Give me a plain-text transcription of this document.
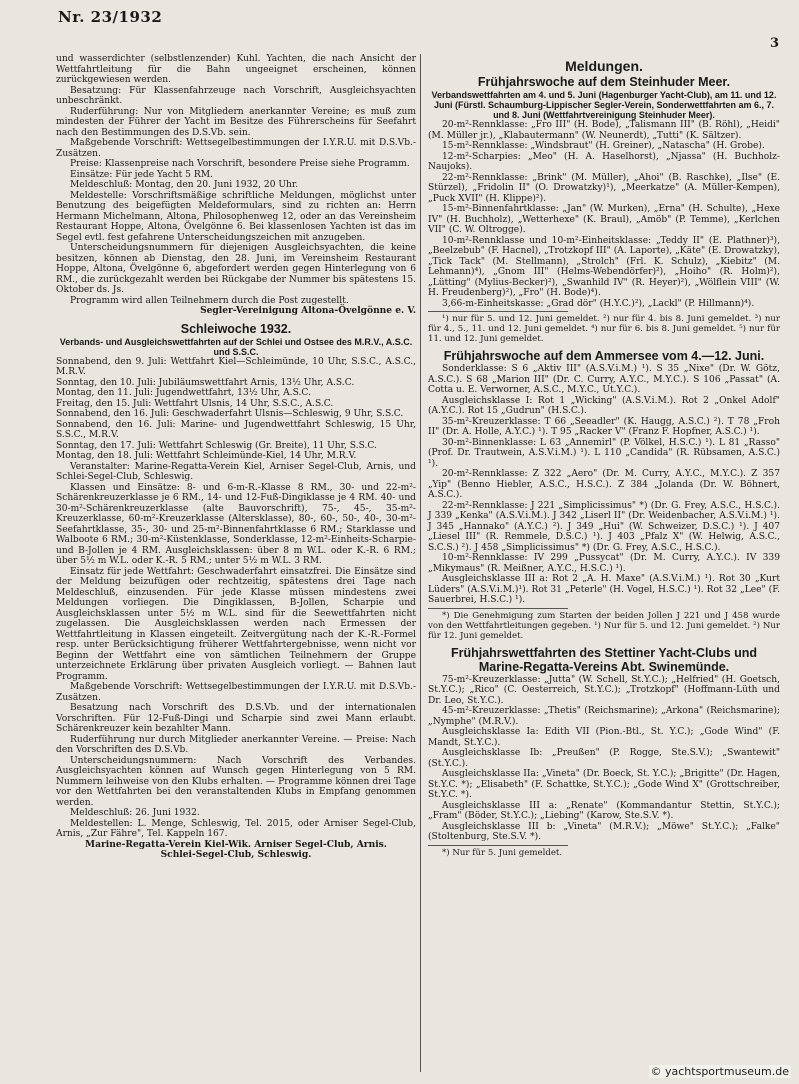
Nr. 23/1932
3

und wasserdichter (selbstlenzender) Kuhl. Yachten, die nach Ansicht der Wettfahrtleitung für die Bahn ungeeignet erscheinen, können zurückgewiesen werden.

Besatzung: Für Klassenfahrzeuge nach Vorschrift, Ausgleichsyachten unbeschränkt.

Ruderführung: Nur von Mitgliedern anerkannter Vereine; es muß zum mindesten der Führer der Yacht im Besitze des Führerscheins für Seefahrt nach den Bestimmungen des D.S.Vb. sein.

Maßgebende Vorschrift: Wettsegelbestimmungen der I.Y.R.U. mit D.S.Vb.-Zusätzen.

Preise: Klassenpreise nach Vorschrift, besondere Preise siehe Programm.

Einsätze: Für jede Yacht 5 RM.

Meldeschluß: Montag, den 20. Juni 1932, 20 Uhr.

Meldestelle: Vorschriftsmäßige schriftliche Meldungen, möglichst unter Benutzung des beigefügten Meldeformulars, sind zu richten an: Herrn Hermann Michelmann, Altona, Philosophenweg 12, oder an das Vereinsheim Restaurant Hoppe, Altona, Övelgönne 6. Bei klassenlosen Yachten ist das im Segel evtl. fest gefahrene Unterscheidungszeichen mit anzugeben.

Unterscheidungsnummern für diejenigen Ausgleichsyachten, die keine besitzen, können ab Dienstag, den 28. Juni, im Vereinsheim Restaurant Hoppe, Altona, Övelgönne 6, abgefordert werden gegen Hinterlegung von 6 RM., die zurückgezahlt werden bei Rückgabe der Nummer bis spätestens 15. Oktober ds. Js.

Programm wird allen Teilnehmern durch die Post zugestellt.

Segler-Vereinigung Altona-Övelgönne e. V.

Schleiwoche 1932.
Verbands- und Ausgleichswettfahrten auf der Schlei und Ostsee des M.R.V., A.S.C. und S.S.C.

Sonnabend, den 9. Juli: Wettfahrt Kiel—Schleimünde, 10 Uhr, S.S.C., A.S.C., M.R.V.

Sonntag, den 10. Juli: Jubiläumswettfahrt Arnis, 13½ Uhr, A.S.C.

Montag, den 11. Juli: Jugendwettfahrt, 13½ Uhr, A.S.C.

Freitag, den 15. Juli: Wettfahrt Ulsnis, 14 Uhr, S.S.C., A.S.C.

Sonnabend, den 16. Juli: Geschwaderfahrt Ulsnis—Schleswig, 9 Uhr, S.S.C.

Sonnabend, den 16. Juli: Marine- und Jugendwettfahrt Schleswig, 15 Uhr, S.S.C., M.R.V.

Sonntag, den 17. Juli: Wettfahrt Schleswig (Gr. Breite), 11 Uhr, S.S.C.

Montag, den 18. Juli: Wettfahrt Schleimünde-Kiel, 14 Uhr, M.R.V.

Veranstalter: Marine-Regatta-Verein Kiel, Arniser Segel-Club, Arnis, und Schlei-Segel-Club, Schleswig.

Klassen und Einsätze: 8- und 6-m-R.-Klasse 8 RM., 30- und 22-m²-Schärenkreuzerklasse je 6 RM., 14- und 12-Fuß-Dingiklasse je 4 RM. 40- und 30-m²-Schärenkreuzerklasse (alte Bauvorschrift), 75-, 45-, 35-m²-Kreuzerklasse, 60-m²-Kreuzerklasse (Altersklasse), 80-, 60-, 50-, 40-, 30-m²-Seefahrtklasse, 35-, 30- und 25-m²-Binnenfahrtklasse 6 RM.; Starklasse und Walboote 6 RM.; 30-m²-Küstenklasse, Sonderklasse, 12-m²-Einheits-Scharpie- und B-Jollen je 4 RM. Ausgleichsklassen: über 8 m W.L. oder K.-R. 6 RM.; über 5½ m W.L. oder K.-R. 5 RM.; unter 5½ m W.L. 3 RM.

Einsatz für jede Wettfahrt: Geschwaderfahrt einsatzfrei. Die Einsätze sind der Meldung beizufügen oder rechtzeitig, spätestens drei Tage nach Meldeschluß, einzusenden. Für jede Klasse müssen mindestens zwei Meldungen vorliegen. Die Dingiklassen, B-Jollen, Scharpie und Ausgleichsklassen unter 5½ m W.L. sind für die Seewettfahrten nicht zugelassen. Die Ausgleichsklassen werden nach Ermessen der Wettfahrtleitung in Klassen eingeteilt. Zeitvergütung nach der K.-R.-Formel resp. unter Berücksichtigung früherer Wettfahrtergebnisse, wenn nicht vor Beginn der Wettfahrt eine von sämtlichen Teilnehmern der Gruppe unterzeichnete Erklärung über privaten Ausgleich vorliegt. — Bahnen laut Programm.

Maßgebende Vorschrift: Wettsegelbestimmungen der I.Y.R.U. mit D.S.Vb.-Zusätzen.

Besatzung nach Vorschrift des D.S.Vb. und der internationalen Vorschriften. Für 12-Fuß-Dingi und Scharpie sind zwei Mann erlaubt. Schärenkreuzer kein bezahlter Mann.

Ruderführung nur durch Mitglieder anerkannter Vereine. — Preise: Nach den Vorschriften des D.S.Vb.

Unterscheidungsnummern: Nach Vorschrift des Verbandes. Ausgleichsyachten können auf Wunsch gegen Hinterlegung von 5 RM. Nummern leihweise von den Klubs erhalten. — Programme können drei Tage vor den Wettfahrten bei den veranstaltenden Klubs in Empfang genommen werden.

Meldeschluß: 26. Juni 1932.

Meldestellen: L. Menge, Schleswig, Tel. 2015, oder Arniser Segel-Club, Arnis, „Zur Fähre", Tel. Kappeln 167.

Marine-Regatta-Verein Kiel-Wik. Arniser Segel-Club, Arnis.

Schlei-Segel-Club, Schleswig.

Meldungen.
Frühjahrswoche auf dem Steinhuder Meer.
Verbandswettfahrten am 4. und 5. Juni (Hagenburger Yacht-Club), am 11. und 12. Juni (Fürstl. Schaumburg-Lippischer Segler-Verein, Sonderwettfahrten am 6., 7. und 8. Juni (Wettfahrtvereinigung Steinhuder Meer).

20-m²-Rennklasse: „Fro III" (H. Bode), „Talismann III" (B. Röhl), „Heidi" (M. Müller jr.), „Klabautermann" (W. Neunerdt), „Tutti" (K. Sältzer).

15-m²-Rennklasse: „Windsbraut" (H. Greiner), „Natascha" (H. Grobe).

12-m²-Scharpies: „Meo" (H. A. Haselhorst), „Njassa" (H. Buchholz-Naujoks).

22-m²-Rennklasse: „Brink" (M. Müller), „Ahoi" (B. Raschke), „Ilse" (E. Stürzel), „Fridolin II" (O. Drowatzky)¹), „Meerkatze" (A. Müller-Kempen), „Puck XVII" (H. Klippe)²).

15-m²-Binnenfahrtklasse: „Jan" (W. Murken), „Erna" (H. Schulte), „Hexe IV" (H. Buchholz), „Wetterhexe" (K. Braul), „Amöb" (P. Temme), „Kerlchen VII" (C. W. Oltrogge).

10-m²-Rennklasse und 10-m²-Einheitsklasse: „Teddy II" (E. Plathner)³), „Beelzebub" (F. Hacnel), „Trotzkopf III" (A. Laporte), „Käte" (E. Drowatzky), „Tick Tack" (M. Stellmann), „Strolch" (Frl. K. Schulz), „Kiebitz" (M. Lehmann)⁴), „Gnom III" (Helms-Webendörfer)²), „Hoiho" (R. Holm)²), „Lütting" (Mylius-Becker)²), „Swanhild IV" (R. Heyer)²), „Wölflein VIII" (W. H. Freudenberg)²), „Fro" (H. Bode)⁴).

3,66-m-Einheitskasse: „Grad dör" (H.Y.C.)²), „Lackl" (P. Hillmann)⁴).

¹) nur für 5. und 12. Juni gemeldet. ²) nur für 4. bis 8. Juni gemeldet. ³) nur für 4., 5., 11. und 12. Juni gemeldet. ⁴) nur für 6. bis 8. Juni gemeldet. ⁵) nur für 11. und 12. Juni gemeldet.

Frühjahrswoche auf dem Ammersee vom 4.—12. Juni.

Sonderklasse: S 6 „Aktiv III" (A.S.V.i.M.) ¹). S 35 „Nixe" (Dr. W. Götz, A.S.C.). S 68 „Marion III" (Dr. C. Curry, A.Y.C., M.Y.C.). S 106 „Passat" (A. Cotta u. E. Verworner, A.S.C., M.Y.C., Ut.Y.C.).

Ausgleichsklasse I: Rot 1 „Wicking" (A.S.V.i.M.). Rot 2 „Onkel Adolf" (A.Y.C.). Rot 15 „Gudrun" (H.S.C.).

35-m²-Kreuzerklasse: T 66 „Seeadler" (K. Haugg, A.S.C.) ²). T 78 „Froh II" (Dr. A. Holle, A.Y.C.) ¹). T 95 „Racker V" (Franz F. Hopfner, A.S.C.) ¹).

30-m²-Binnenklasse: L 63 „Annemirl" (P. Völkel, H.S.C.) ¹). L 81 „Rasso" (Prof. Dr. Trautwein, A.S.V.i.M.) ¹). L 110 „Candida" (R. Rübsamen, A.S.C.) ¹).

20-m²-Rennklasse: Z 322 „Aero" (Dr. M. Curry, A.Y.C., M.Y.C.). Z 357 „Yip" (Benno Hiebler, A.S.C., H.S.C.). Z 384 „Jolanda (Dr. W. Böhnert, A.S.C.).

22-m²-Rennklasse: J 221 „Simplicissimus" *) (Dr. G. Frey, A.S.C., H.S.C.). J 339 „Kenka" (A.S.V.i.M.). J 342 „Liserl II" (Dr. Weidenbacher, A.S.V.i.M.) ¹). J 345 „Hannako" (A.Y.C.) ²). J 349 „Hui" (W. Schweizer, D.S.C.) ¹). J 407 „Liesel III" (R. Remmele, D.S.C.) ¹). J 403 „Pfalz X" (W. Helwig, A.S.C., S.C.S.) ²). J 458 „Simplicissimus" *) (Dr. G. Frey, A.S.C., H.S.C.).

10-m²-Rennklasse: IV 299 „Pussycat" (Dr. M. Curry, A.Y.C.). IV 339 „Mikymaus" (R. Meißner, A.Y.C., H.S.C.) ¹).

Ausgleichsklasse III a: Rot 2 „A. H. Maxe" (A.S.V.i.M.) ¹). Rot 30 „Kurt Lüders" (A.S.V.i.M.)¹). Rot 31 „Peterle" (H. Vogel, H.S.C.) ¹). Rot 32 „Lee" (F. Sauerbrei, H.S.C.) ¹).

*) Die Genehmigung zum Starten der beiden Jollen J 221 und J 458 wurde von den Wettfahrtleitungen gegeben. ¹) Nur für 5. und 12. Juni gemeldet. ²) Nur für 12. Juni gemeldet.

Frühjahrswettfahrten des Stettiner Yacht-Clubs und Marine-Regatta-Vereins Abt. Swinemünde.

75-m²-Kreuzerklasse: „Jutta" (W. Schell, St.Y.C.); „Helfried" (H. Goetsch, St.Y.C.); „Rico" (C. Oesterreich, St.Y.C.); „Trotzkopf" (Hoffmann-Lüth und Dr. Leo, St.Y.C.).

45-m²-Kreuzerklasse: „Thetis" (Reichsmarine); „Arkona" (Reichsmarine); „Nymphe" (M.R.V.).

Ausgleichsklasse Ia: Edith VII (Pion.-Btl., St. Y.C.); „Gode Wind" (F. Mandt, St.Y.C.).

Ausgleichsklasse Ib: „Preußen" (P. Rogge, Ste.S.V.); „Swantewit" (St.Y.C.).

Ausgleichsklasse IIa: „Vineta" (Dr. Boeck, St. Y.C.); „Brigitte" (Dr. Hagen, St.Y.C. *); „Elisabeth" (F. Schattke, St.Y.C.); „Gode Wind X" (Grottschreiber, St.Y.C. *).

Ausgleichsklasse III a: „Renate" (Kommandantur Stettin, St.Y.C.); „Fram" (Böder, St.Y.C.); „Liebing" (Karow, Ste.S.V. *).

Ausgleichsklasse III b: „Vineta" (M.R.V.); „Möwe" St.Y.C.); „Falke" (Stoltenburg, Ste.S.V. *).

*) Nur für 5. Juni gemeldet.

© yachtsportmuseum.de
